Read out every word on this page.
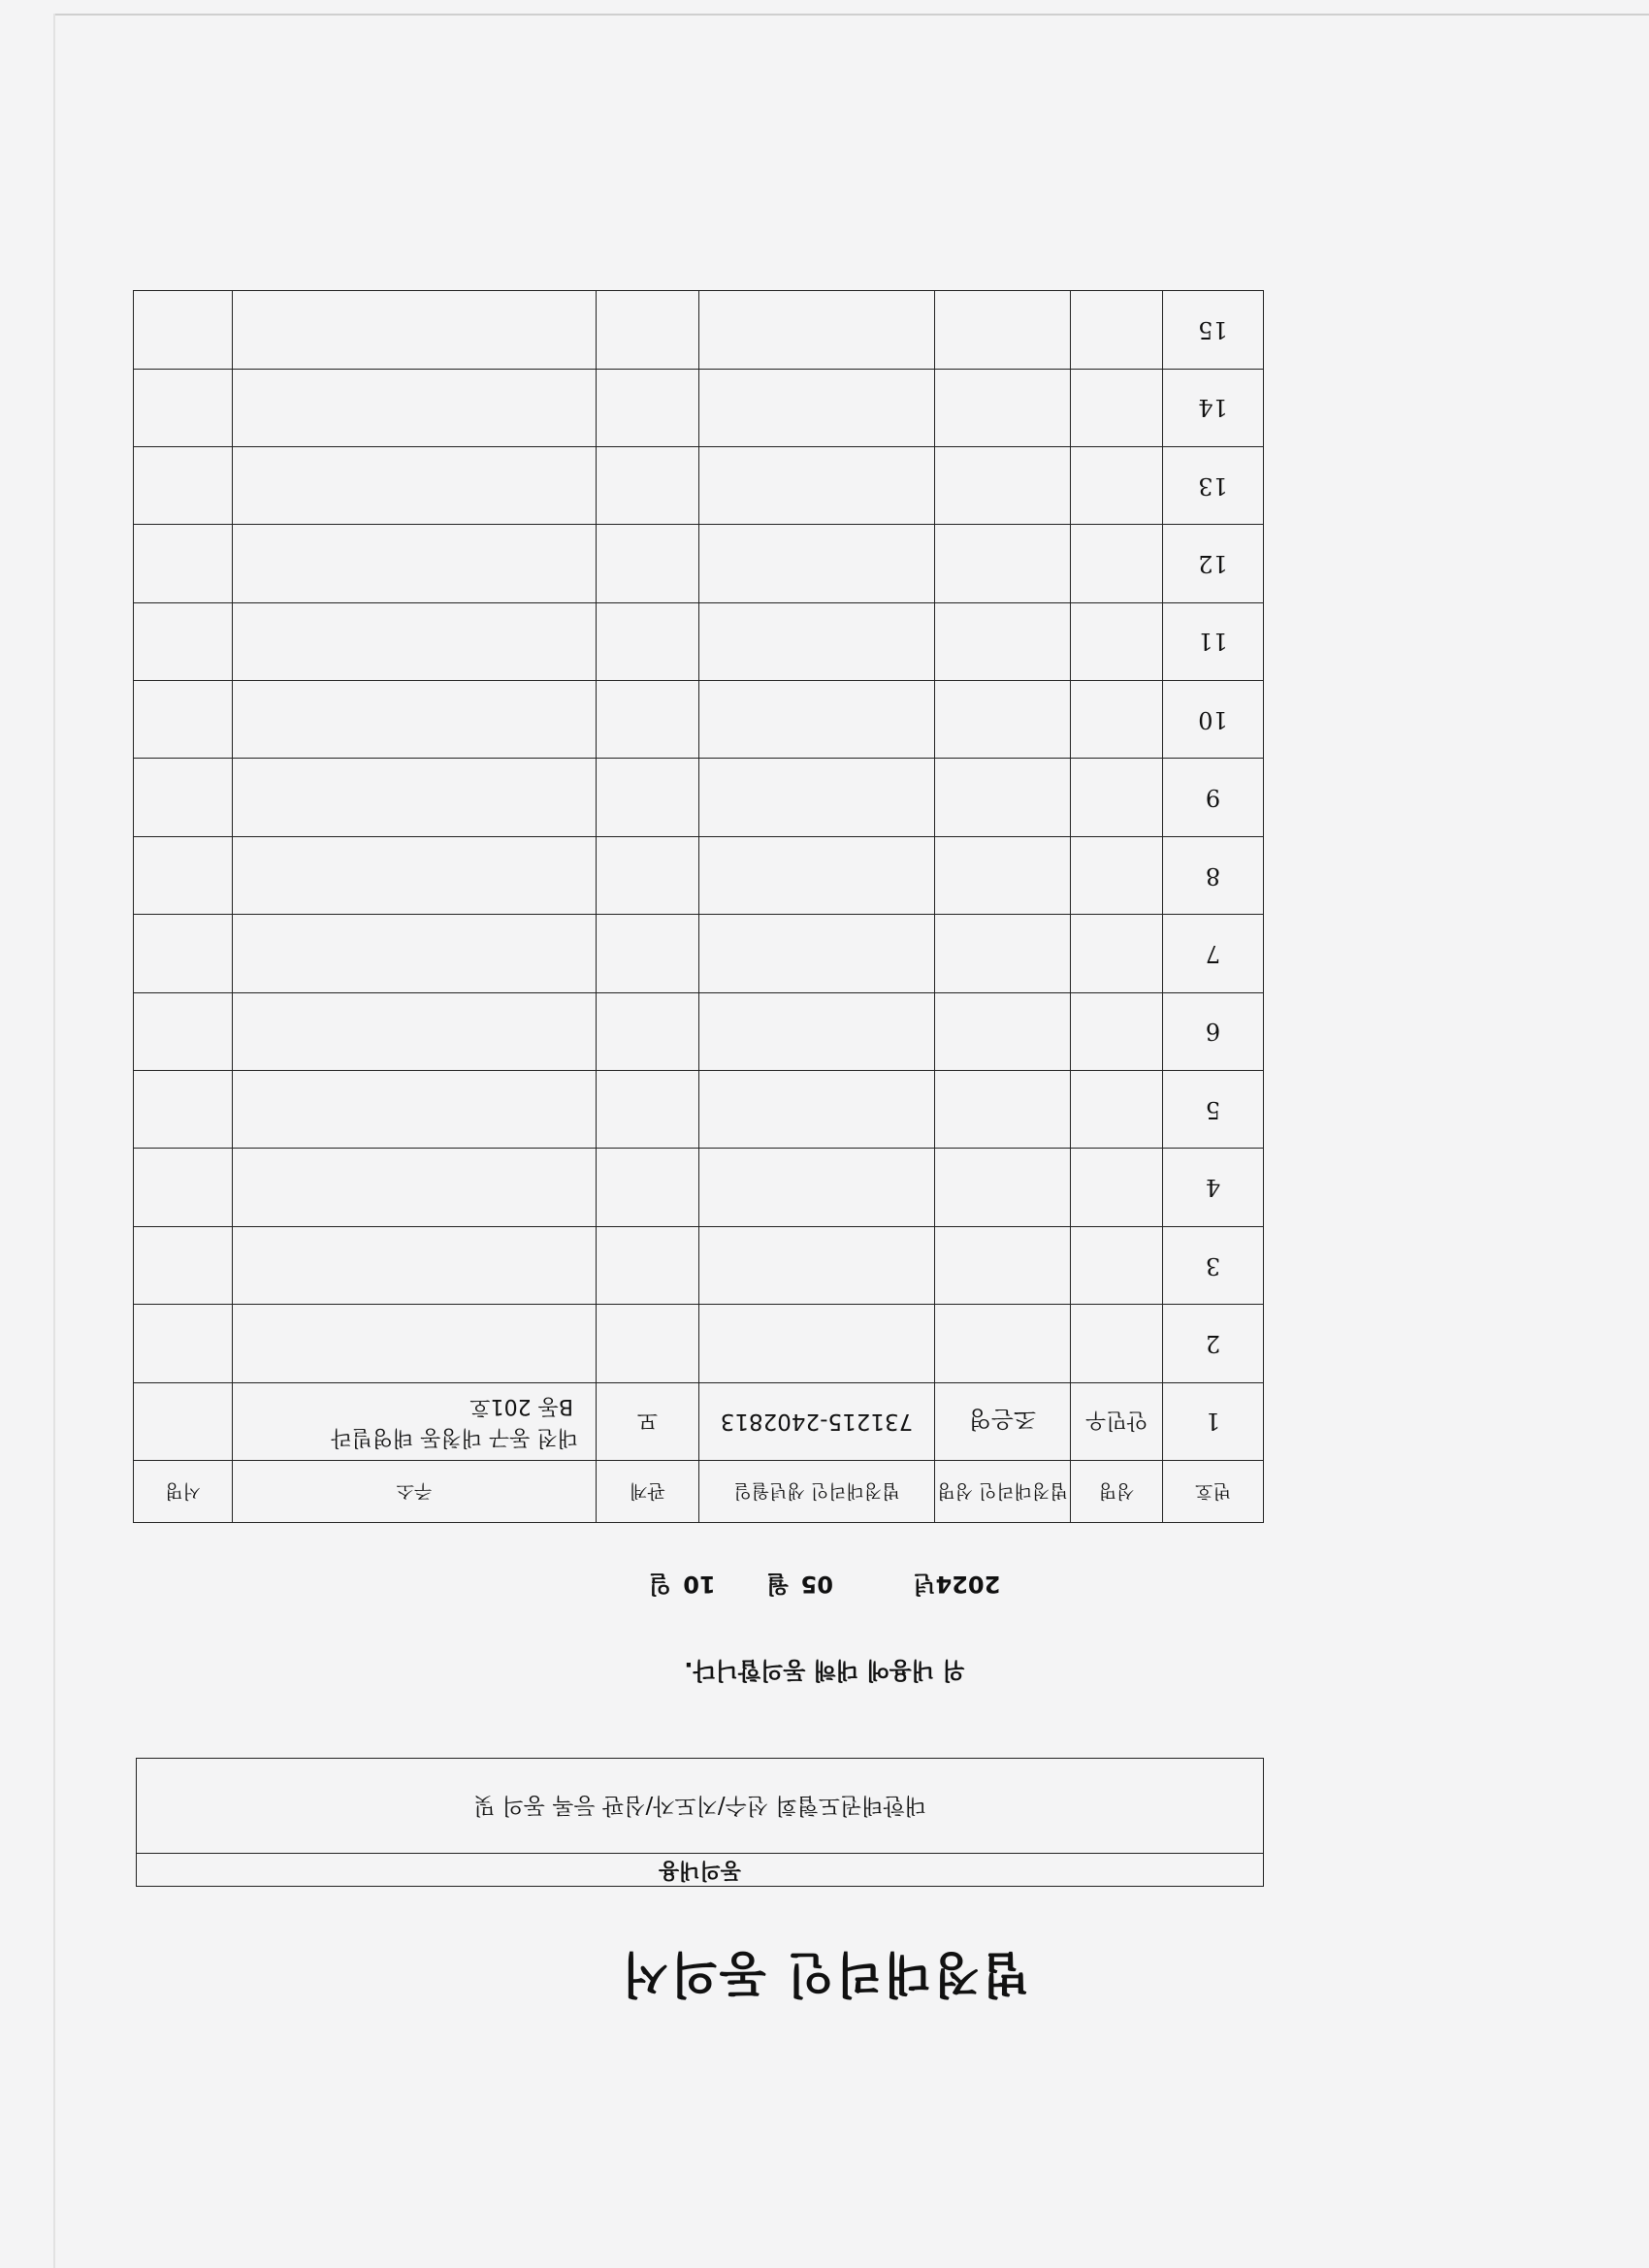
법정대리인 동의서
동의내용
대한태권도협회 선수/지도자/심판 등록 동의 및
위 내용에 대해 동의합니다.
2024년 05 월 10 일
번호	성명	법정대리인 성명	법정대리인 생년월일	관계	주소	서명
1	안민우	조은영	731215-2402813	모	대전 동구 대청동 태영빌라
B동 201호	

2					

3					

4					

5					

6					

7					

8					

9					

10					

11					

12					

13					

14					

15					
